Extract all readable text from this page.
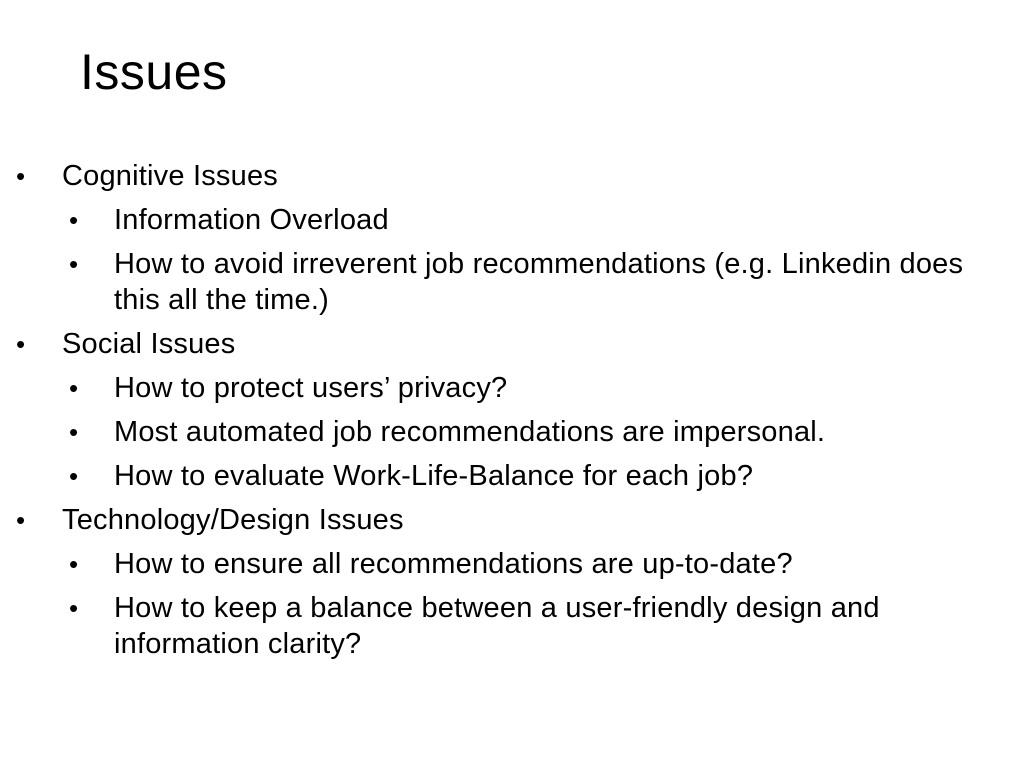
Issues
• Cognitive Issues
• Information Overload
• How to avoid irreverent job recommendations (e.g. Linkedin does this all the time.)
• Social Issues
• How to protect users’ privacy?
• Most automated job recommendations are impersonal.
• How to evaluate Work-Life-Balance for each job?
• Technology/Design Issues
• How to ensure all recommendations are up-to-date?
• How to keep a balance between a user-friendly design and information clarity?
